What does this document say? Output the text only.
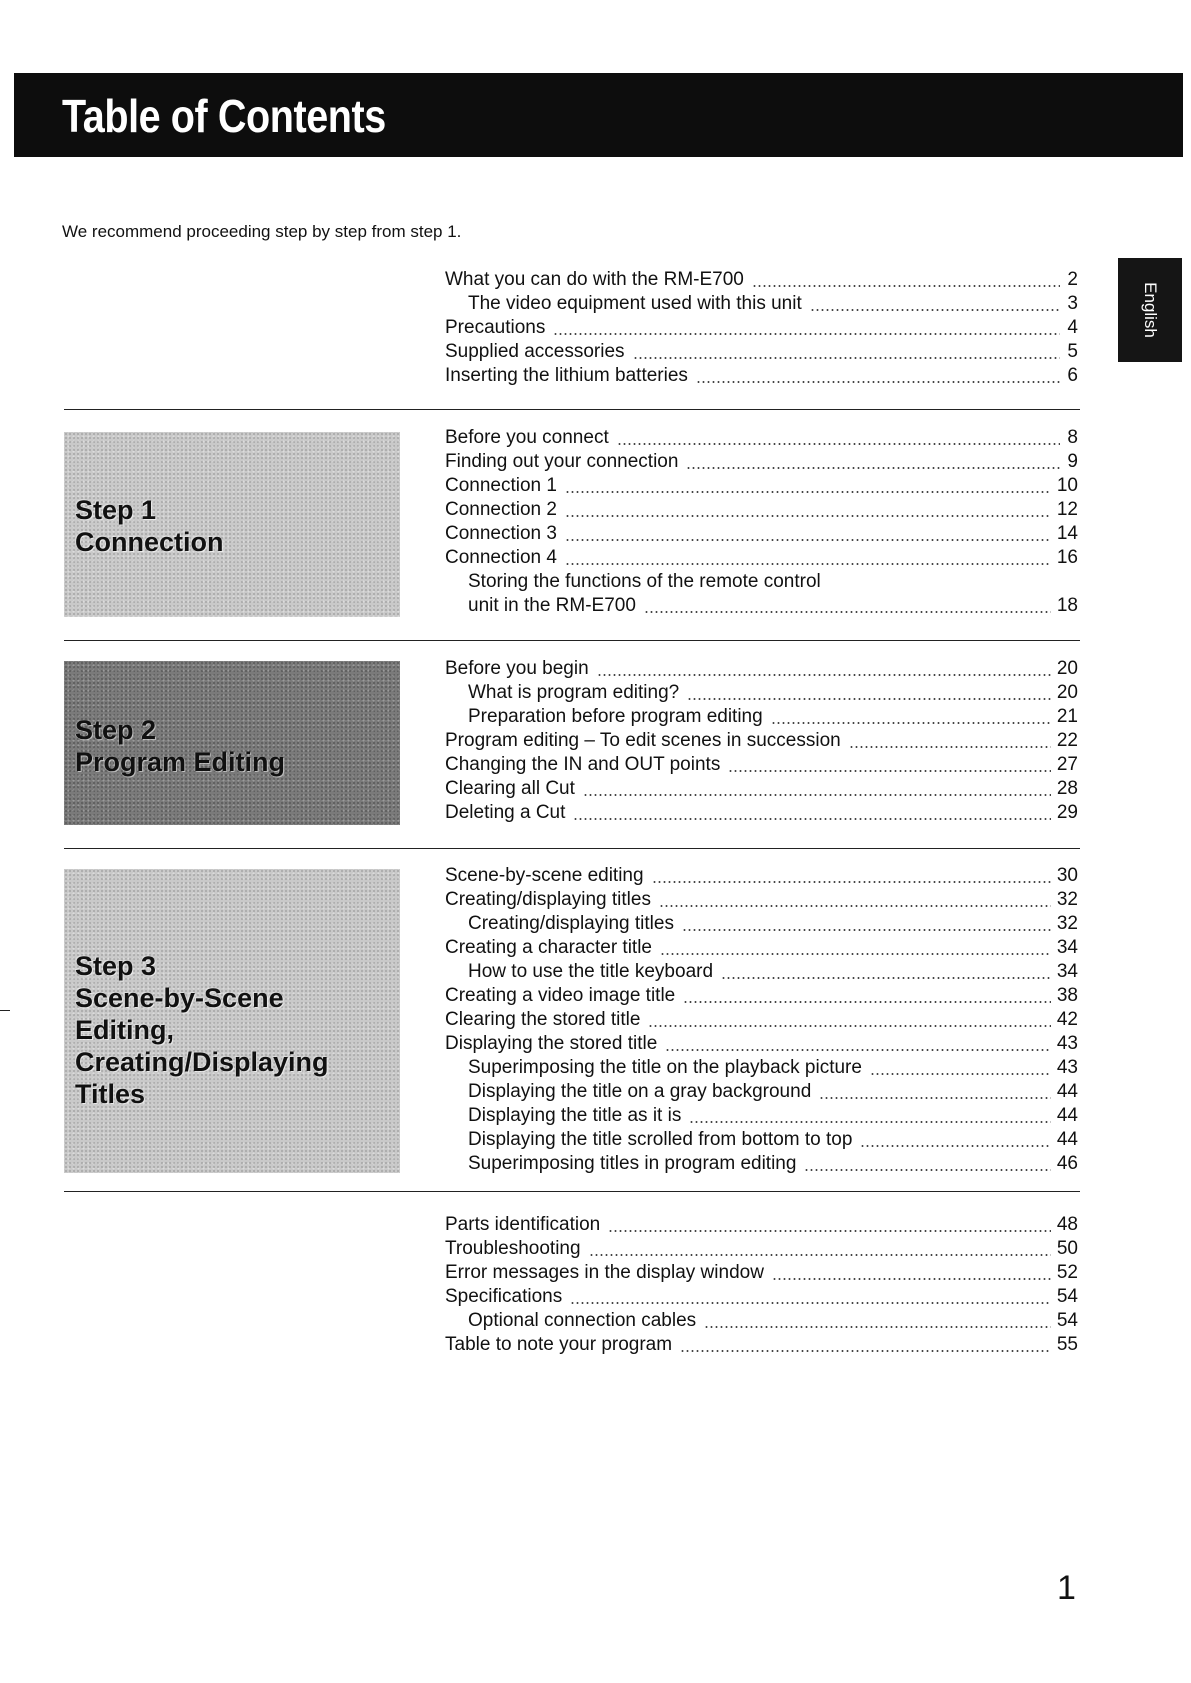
Table of Contents
We recommend proceeding step by step from step 1.
English
What you can do with the RM-E700	2
The video equipment used with this unit	3
Precautions	4
Supplied accessories	5
Inserting the lithium batteries	6
Step 1
Connection
Before you connect	8
Finding out your connection	9
Connection 1	10
Connection 2	12
Connection 3	14
Connection 4	16
Storing the functions of the remote control
unit in the RM-E700	18
Step 2
Program Editing
Before you begin	20
What is program editing?	20
Preparation before program editing	21
Program editing – To edit scenes in succession	22
Changing the IN and OUT points	27
Clearing all Cut	28
Deleting a Cut	29
Step 3
Scene-by-Scene
Editing,
Creating/Displaying
Titles
Scene-by-scene editing	30
Creating/displaying titles	32
Creating/displaying titles	32
Creating a character title	34
How to use the title keyboard	34
Creating a video image title	38
Clearing the stored title	42
Displaying the stored title	43
Superimposing the title on the playback picture	43
Displaying the title on a gray background	44
Displaying the title as it is	44
Displaying the title scrolled from bottom to top	44
Superimposing titles in program editing	46
Parts identification	48
Troubleshooting	50
Error messages in the display window	52
Specifications	54
Optional connection cables	54
Table to note your program	55
1
